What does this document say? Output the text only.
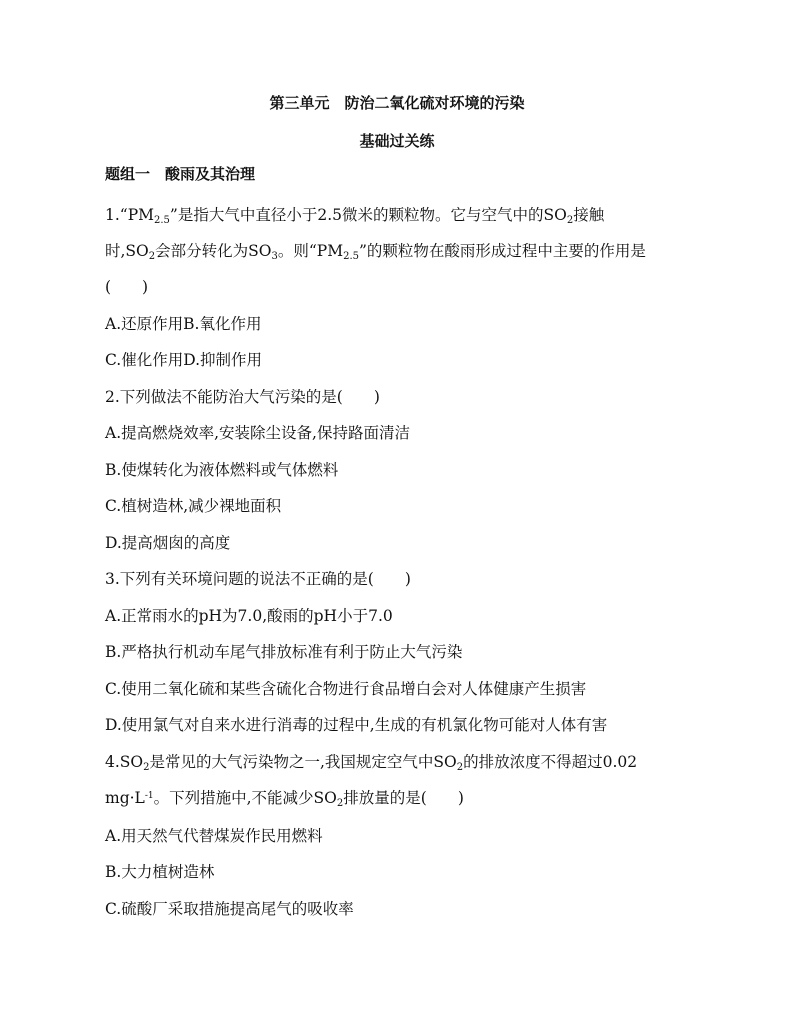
第三单元　防治二氧化硫对环境的污染
基础过关练
题组一　酸雨及其治理
$1.“PM_{2.5}$”是指大气中直径小于2.5微米的颗粒物。它与空气中的$SO_2$接触
时$,SO_2$会部分转化为$SO_3$。则“$PM_{2.5}$”的颗粒物在酸雨形成过程中主要的作用是
(　　)
A.还原作用B.氧化作用
C.催化作用D.抑制作用
2.下列做法不能防治大气污染的是(　　)
A.提高燃烧效率,安装除尘设备,保持路面清洁
B.使煤转化为液体燃料或气体燃料
C.植树造林,减少裸地面积
D.提高烟囱的高度
3.下列有关环境问题的说法不正确的是(　　)
A.正常雨水的pH为7.0,酸雨的pH小于7.0
B.严格执行机动车尾气排放标准有利于防止大气污染
C.使用二氧化硫和某些含硫化合物进行食品增白会对人体健康产生损害
D.使用氯气对自来水进行消毒的过程中,生成的有机氯化物可能对人体有害
$4.SO_2$是常见的大气污染物之一,我国规定空气中$SO_2$的排放浓度不得超过0.02
$mg\cdot L^{-1}$。下列措施中,不能减少$SO_2$排放量的是(　　)
A.用天然气代替煤炭作民用燃料
B.大力植树造林
C.硫酸厂采取措施提高尾气的吸收率
